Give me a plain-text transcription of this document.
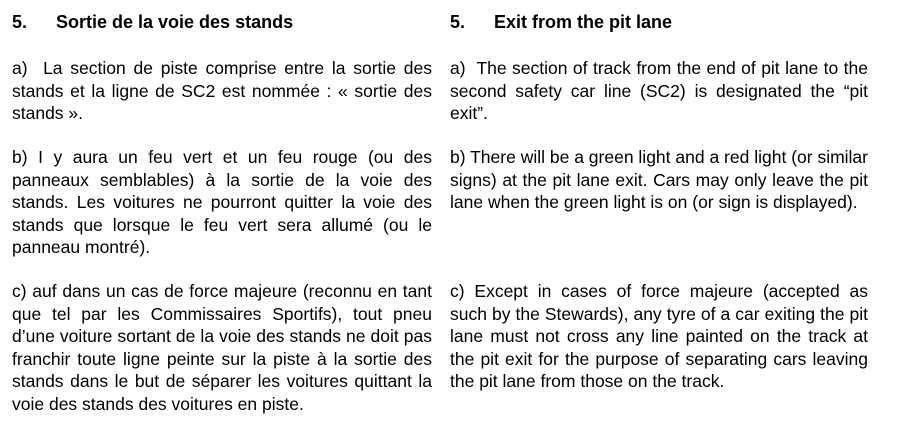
5. Sortie de la voie des stands

a)  La section de piste comprise entre la sortie des stands et la ligne de SC2 est nommée : « sortie des stands ».

b) I y aura un feu vert et un feu rouge (ou des panneaux semblables) à la sortie de la voie des stands. Les voitures ne pourront quitter la voie des stands que lorsque le feu vert sera allumé (ou le panneau montré).

c) auf dans un cas de force majeure (reconnu en tant que tel par les Commissaires Sportifs), tout pneu d’une voiture sortant de la voie des stands ne doit pas franchir toute ligne peinte sur la piste à la sortie des stands dans le but de séparer les voitures quittant la voie des stands des voitures en piste.

5. Exit from the pit lane

a)  The section of track from the end of pit lane to the second safety car line (SC2) is designated the “pit exit”.

b) There will be a green light and a red light (or similar signs) at the pit lane exit. Cars may only leave the pit lane when the green light is on (or sign is displayed).

c) Except in cases of force majeure (accepted as such by the Stewards), any tyre of a car exiting the pit lane must not cross any line painted on the track at the pit exit for the purpose of separating cars leaving the pit lane from those on the track.
